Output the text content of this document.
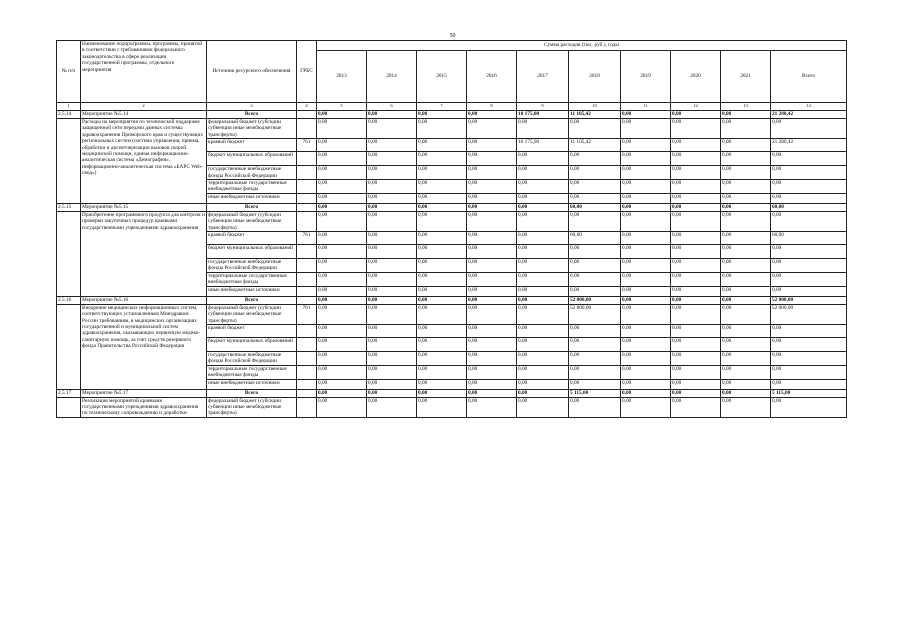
50
№ п/п	Наименование подпрограммы, программы, принятой в соответствии с требованиями федерального законодательства в сфере реализации государственной программы, отдельного мероприятия	Источник ресурсного обеспечения	ГРБС	Сумма расходов (тыс. руб.), годы									
				2013	2014	2015	2016	2017	2018	2019	2020	2021	Всего
1	2	3	4	5	6	7	8	9	10	11	12	13	14
2.5.14	Мероприятие №5.14	Всего		0,00	0,00	0,00	0,00	10 175,00	11 105,42	0,00	0,00	0,00	21 280,42
	Расходы на мероприятия по технической поддержке защищенной сети передачи данных системы здравоохранения Приморского края и существующих региональных систем (система управления, приема, обработки и диспетчеризации вызовов скорой медицинской помощи, единая информационно-аналитическая система «Демография», информационно-аналитическая система «БАРС Web-свод»)	федеральный бюджет (субсидии субвенции иные межбюджетные трансферты)		0,00	0,00	0,00	0,00	0,00	0,00	0,00	0,00	0,00	0,00
		краевой бюджет	761	0,00	0,00	0,00	0,00	10 175,00	11 105,42	0,00	0,00	0,00	21 280,42
		бюджет муниципальных образований		0,00	0,00	0,00	0,00	0,00	0,00	0,00	0,00	0,00	0,00
		государственные внебюджетные фонды Российской Федерации		0,00	0,00	0,00	0,00	0,00	0,00	0,00	0,00	0,00	0,00
		территориальные государственные внебюджетные фонды		0,00	0,00	0,00	0,00	0,00	0,00	0,00	0,00	0,00	0,00
		иные внебюджетные источники		0,00	0,00	0,00	0,00	0,00	0,00	0,00	0,00	0,00	0,00
2.5.15	Мероприятие №5.15	Всего		0,00	0,00	0,00	0,00	0,00	60,00	0,00	0,00	0,00	60,00
	Приобретение программного продукта для контроля и проверки закупочных процедур краевыми государственными учреждениями здравоохранения	федеральный бюджет (субсидии субвенции иные межбюджетные трансферты)		0,00	0,00	0,00	0,00	0,00	0,00	0,00	0,00	0,00	0,00
		краевой бюджет	761	0,00	0,00	0,00	0,00	0,00	60,00	0,00	0,00	0,00	60,00
		бюджет муниципальных образований		0,00	0,00	0,00	0,00	0,00	0,00	0,00	0,00	0,00	0,00
		государственные внебюджетные фонды Российской Федерации		0,00	0,00	0,00	0,00	0,00	0,00	0,00	0,00	0,00	0,00
		территориальные государственные внебюджетные фонды		0,00	0,00	0,00	0,00	0,00	0,00	0,00	0,00	0,00	0,00
		иные внебюджетные источники		0,00	0,00	0,00	0,00	0,00	0,00	0,00	0,00	0,00	0,00
2.5.16	Мероприятие №5.16	Всего		0,00	0,00	0,00	0,00	0,00	52 000,00	0,00	0,00	0,00	52 000,00
	Внедрение медицинских информационных систем, соответствующих установленным Минздравом России требованиям, в медицинских организациях государственной и муниципальной систем здравоохранения, оказывающих первичную медико-санитарную помощь, за счет средств резервного фонда Правительства Российской Федерации	федеральный бюджет (субсидии субвенции иные межбюджетные трансферты)	761	0,00	0,00	0,00	0,00	0,00	52 000,00	0,00	0,00	0,00	52 000,00
		краевой бюджет		0,00	0,00	0,00	0,00	0,00	0,00	0,00	0,00	0,00	0,00
		бюджет муниципальных образований		0,00	0,00	0,00	0,00	0,00	0,00	0,00	0,00	0,00	0,00
		государственные внебюджетные фонды Российской Федерации		0,00	0,00	0,00	0,00	0,00	0,00	0,00	0,00	0,00	0,00
		территориальные государственные внебюджетные фонды		0,00	0,00	0,00	0,00	0,00	0,00	0,00	0,00	0,00	0,00
		иные внебюджетные источники		0,00	0,00	0,00	0,00	0,00	0,00	0,00	0,00	0,00	0,00
2.5.17	Мероприятие №5.17	Всего		0,00	0,00	0,00	0,00	0,00	5 115,00	0,00	0,00	0,00	5 115,00
	Реализация мероприятий краевыми государственными учреждениями здравоохранения по техническому сопровождению и доработки	федеральный бюджет (субсидии субвенции иные межбюджетные трансферты)		0,00	0,00	0,00	0,00	0,00	0,00	0,00	0,00	0,00	0,00
